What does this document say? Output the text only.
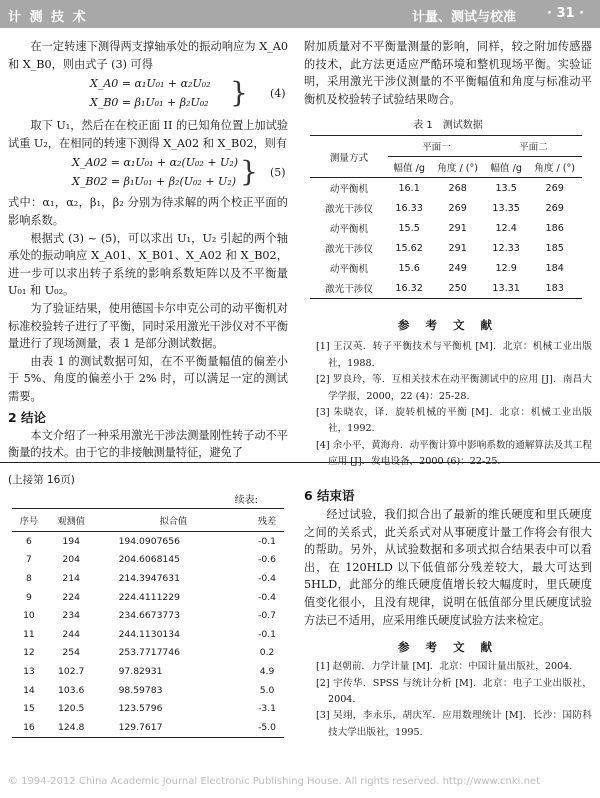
计 测 技 术	计量、测试与校准 · 31 ·
在一定转速下测得两支撑轴承处的振动响应为 X_A0 和 X_B0，则由式子 (3) 可得
X_A0 = α₁U₀₁ + α₂U₀₂
X_B0 = β₁U₀₁ + β₂U₀₂ } (4)
取下 U₁，然后在在校正面 II 的已知角位置上加试验试重 U₂，在相同的转速下测得 X_A02 和 X_B02，则有
X_A02 = α₁U₀₁ + α₂(U₀₂ + U₂)
X_B02 = β₁U₀₁ + β₂(U₀₂ + U₂) } (5)
式中：α₁，α₂，β₁，β₂ 分别为待求解的两个校正平面的影响系数。
根据式 (3) ~ (5)，可以求出 U₁，U₂ 引起的两个轴承处的振动响应 X_A01、X_B01、X_A02 和 X_B02，进一步可以求出转子系统的影响系数矩阵以及不平衡量 U₀₁ 和 U₀₂。
为了验证结果，使用德国卡尔申克公司的动平衡机对标准校验转子进行了平衡，同时采用激光干涉仪对不平衡量进行了现场测量，表 1 是部分测试数据。
由表 1 的测试数据可知，在不平衡量幅值的偏差小于 5%、角度的偏差小于 2% 时，可以满足一定的测试需要。
2 结论
本文介绍了一种采用激光干涉法测量刚性转子动不平衡量的技术。由于它的非接触测量特征，避免了
附加质量对不平衡量测量的影响，同样，较之附加传感器的技术，此方法更适应严酷环境和整机现场平衡。实验证明，采用激光干涉仪测量的不平衡幅值和角度与标准动平衡机及校验转子试验结果吻合。
表 1　测试数据
测量方式	平面一		平面二	
	幅值 /g	角度 / (°)	幅值 /g	角度 / (°)
动平衡机	16.1	268	13.5	269
激光干涉仪	16.33	269	13.35	269
动平衡机	15.5	291	12.4	186
激光干涉仪	15.62	291	12.33	185
动平衡机	15.6	249	12.9	184
激光干涉仪	16.32	250	13.31	183
参 考 文 献
[1] 王汉英．转子平衡技术与平衡机 [M]．北京：机械工业出版社，1988.
[2] 罗良玲，等．互相关技术在动平衡测试中的应用 [J]．南昌大学学报，2000，22 (4)：25-28.
[3] 朱晓农，译．旋转机械的平衡 [M]．北京：机械工业出版社，1992.
[4] 余小平，黄海舟．动平衡计算中影响系数的通解算法及其工程应用 [J]．发电设备，2000 (6)：22-25.
(上接第 16页)
续表:
序号	观测值	拟合值	残差
6	194	194.0907656	-0.1
7	204	204.6068145	-0.6
8	214	214.3947631	-0.4
9	224	224.4111229	-0.4
10	234	234.6673773	-0.7
11	244	244.1130134	-0.1
12	254	253.7717746	0.2
13	102.7	97.82931	4.9
14	103.6	98.59783	5.0
15	120.5	123.5796	-3.1
16	124.8	129.7617	-5.0
6 结束语
经过试验，我们拟合出了最新的维氏硬度和里氏硬度之间的关系式，此关系式对从事硬度计量工作将会有很大的帮助。另外，从试验数据和多项式拟合结果表中可以看出，在 120HLD 以下低值部分残差较大，最大可达到 5HLD，此部分的维氏硬度值增长较大幅度时，里氏硬度值变化很小，且没有规律，说明在低值部分里氏硬度试验方法已不适用，应采用维氏硬度试验方法来检定。
参 考 文 献
[1] 赵朝前．力学计量 [M]．北京：中国计量出版社，2004.
[2] 宇传华．SPSS 与统计分析 [M]．北京：电子工业出版社，2004.
[3] 吴翊，李永乐，胡庆军．应用数理统计 [M]．长沙：国防科技大学出版社，1995.
© 1994-2012 China Academic Journal Electronic Publishing House. All rights reserved. http://www.cnki.net
